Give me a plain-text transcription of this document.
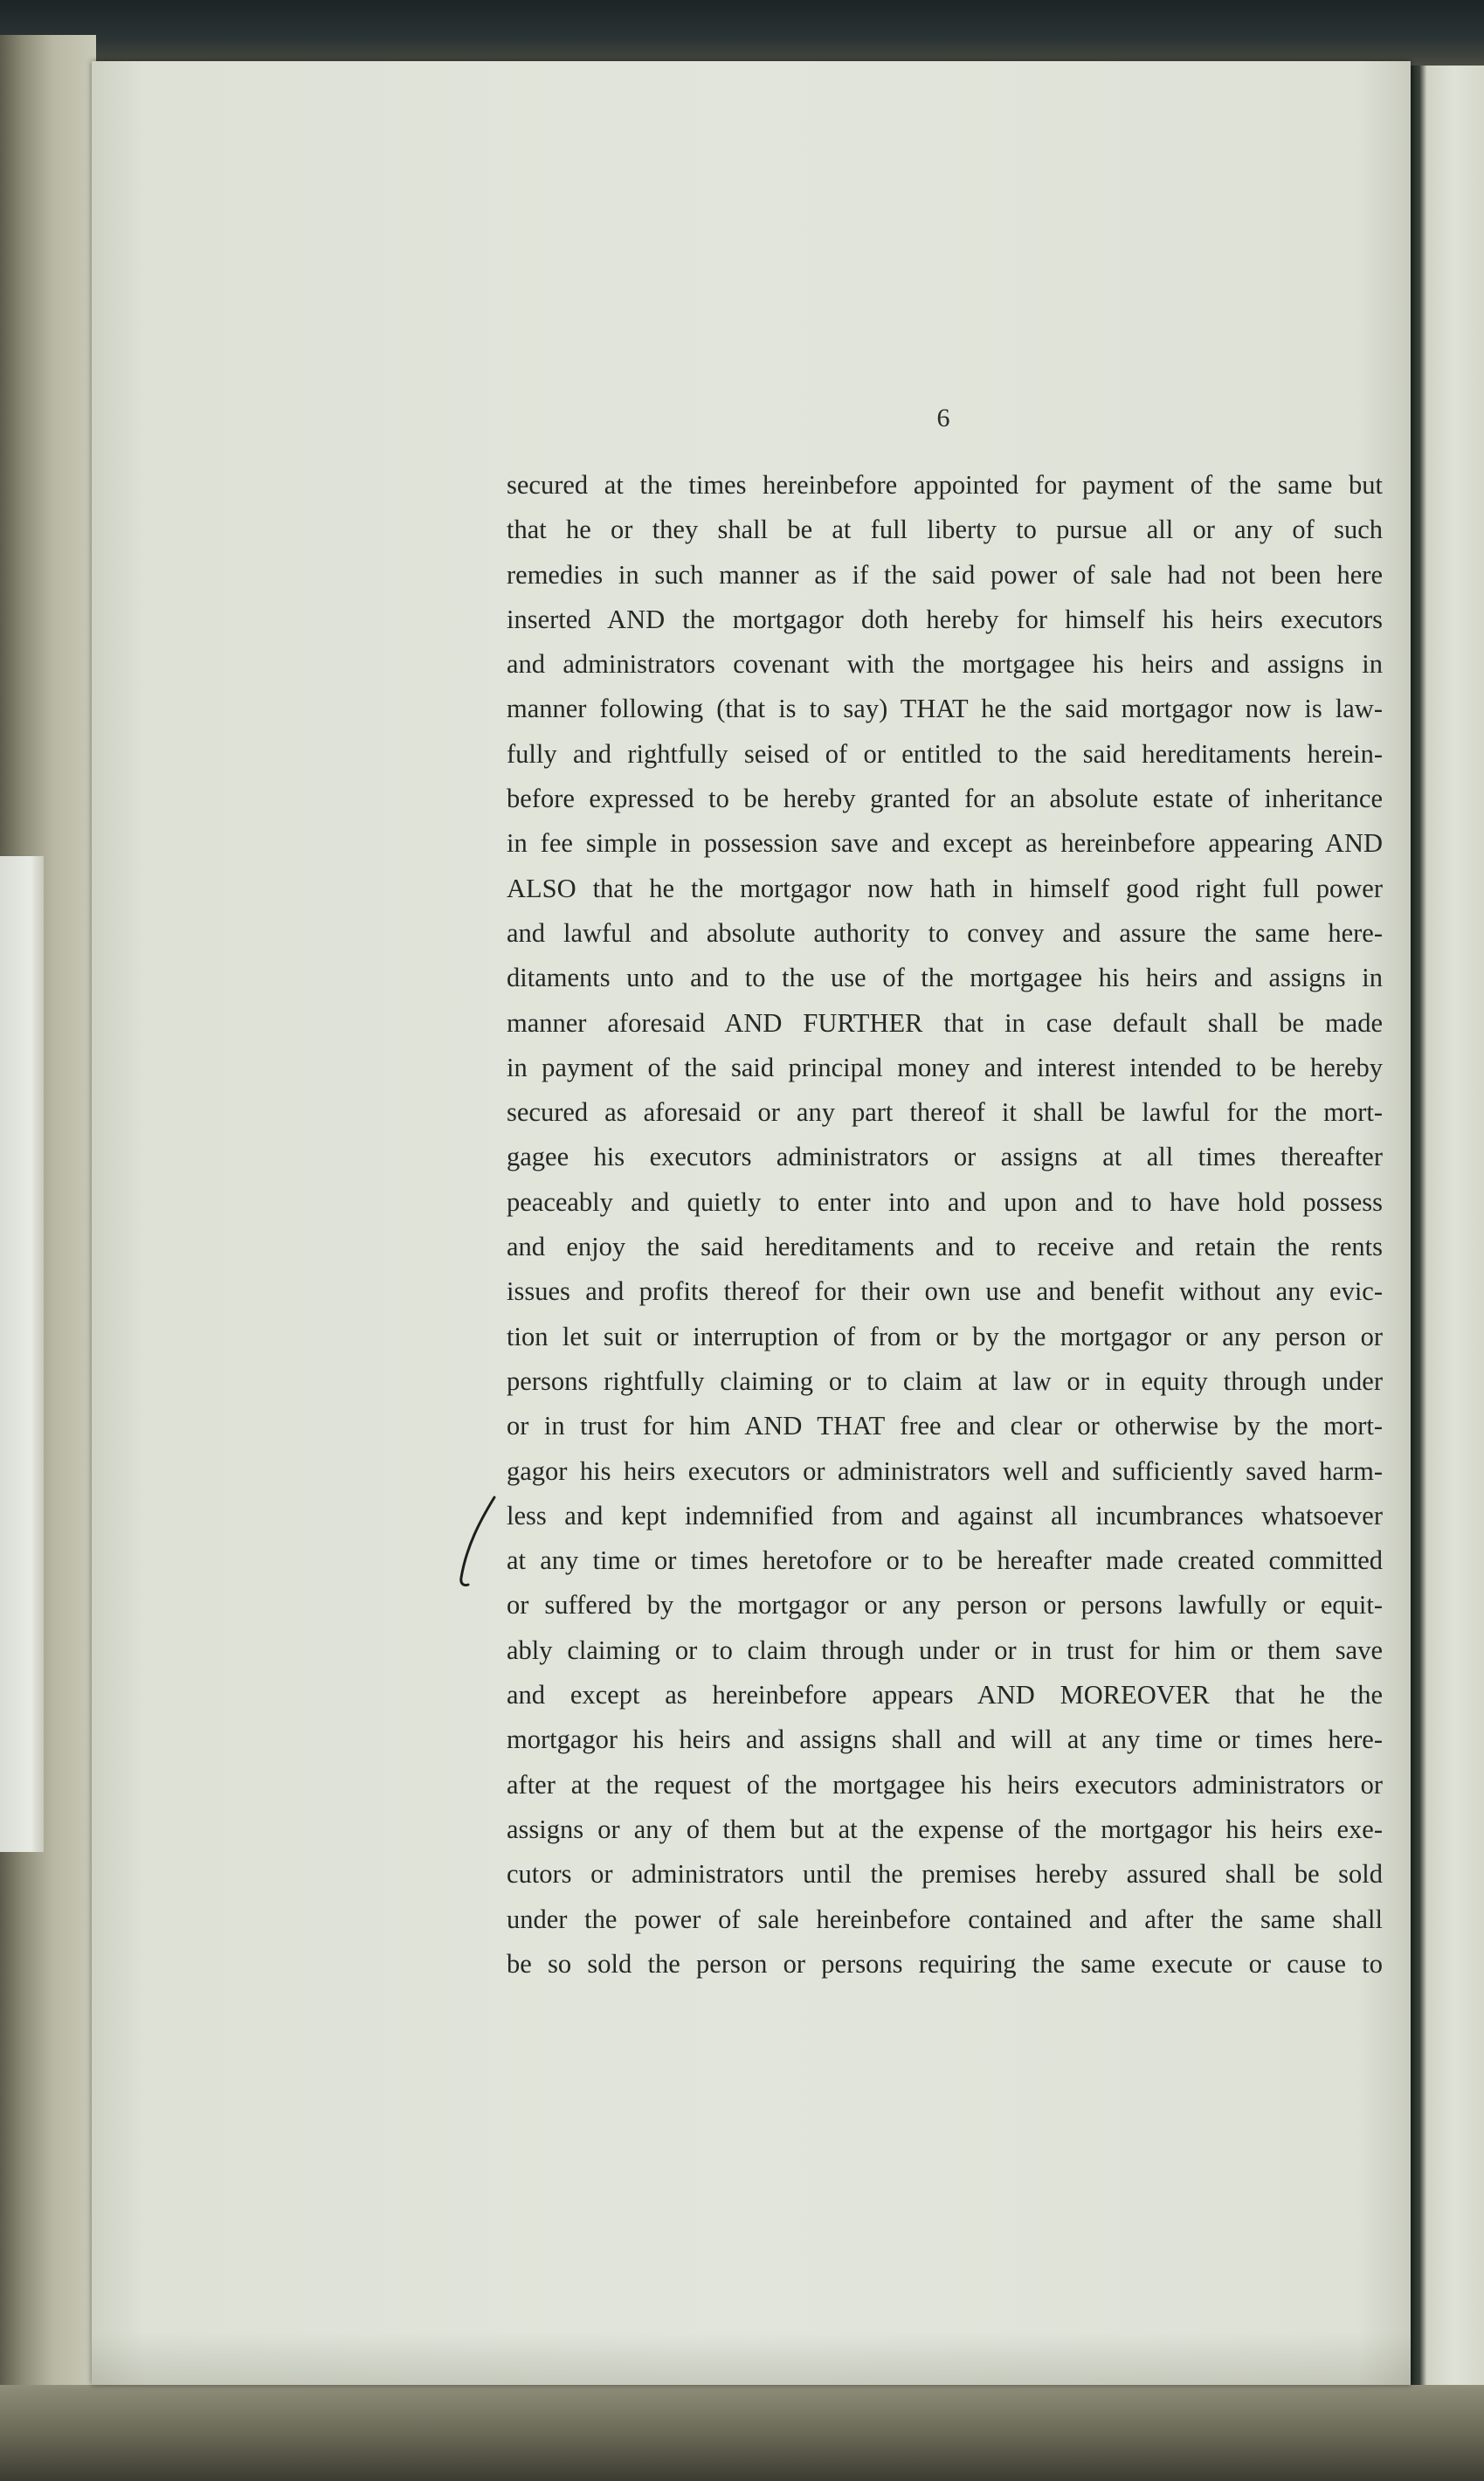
6
secured at the times hereinbefore appointed for payment of the same but
that he or they shall be at full liberty to pursue all or any of such
remedies in such manner as if the said power of sale had not been here
inserted AND the mortgagor doth hereby for himself his heirs executors
and administrators covenant with the mortgagee his heirs and assigns in
manner following (that is to say) THAT he the said mortgagor now is law-
fully and rightfully seised of or entitled to the said hereditaments herein-
before expressed to be hereby granted for an absolute estate of inheritance
in fee simple in possession save and except as hereinbefore appearing AND
ALSO that he the mortgagor now hath in himself good right full power
and lawful and absolute authority to convey and assure the same here-
ditaments unto and to the use of the mortgagee his heirs and assigns in
manner aforesaid AND FURTHER that in case default shall be made
in payment of the said principal money and interest intended to be hereby
secured as aforesaid or any part thereof it shall be lawful for the mort-
gagee his executors administrators or assigns at all times thereafter
peaceably and quietly to enter into and upon and to have hold possess
and enjoy the said hereditaments and to receive and retain the rents
issues and profits thereof for their own use and benefit without any evic-
tion let suit or interruption of from or by the mortgagor or any person or
persons rightfully claiming or to claim at law or in equity through under
or in trust for him AND THAT free and clear or otherwise by the mort-
gagor his heirs executors or administrators well and sufficiently saved harm-
less and kept indemnified from and against all incumbrances whatsoever
at any time or times heretofore or to be hereafter made created committed
or suffered by the mortgagor or any person or persons lawfully or equit-
ably claiming or to claim through under or in trust for him or them save
and except as hereinbefore appears AND MOREOVER that he the
mortgagor his heirs and assigns shall and will at any time or times here-
after at the request of the mortgagee his heirs executors administrators or
assigns or any of them but at the expense of the mortgagor his heirs exe-
cutors or administrators until the premises hereby assured shall be sold
under the power of sale hereinbefore contained and after the same shall
be so sold the person or persons requiring the same execute or cause to
